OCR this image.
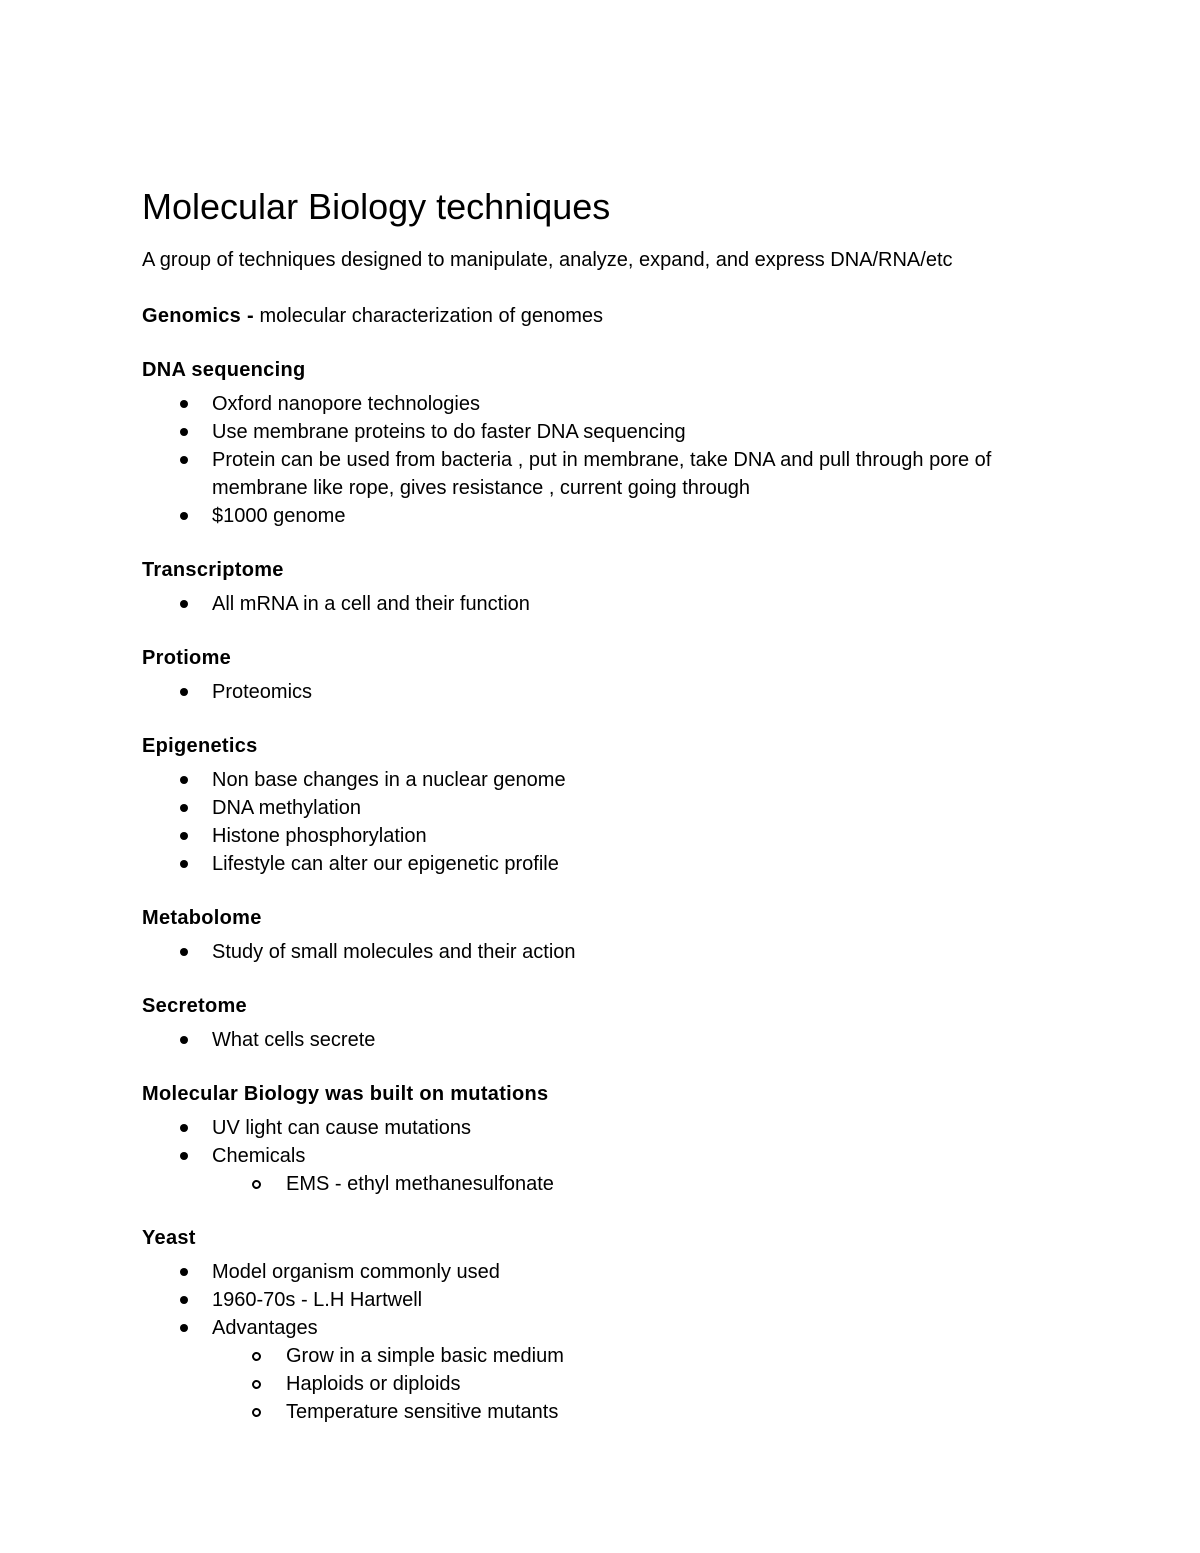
Molecular Biology techniques

A group of techniques designed to manipulate, analyze, expand, and express DNA/RNA/etc

Genomics - molecular characterization of genomes

DNA sequencing
Oxford nanopore technologies
Use membrane proteins to do faster DNA sequencing
Protein can be used from bacteria , put in membrane, take DNA and pull through pore of membrane like rope, gives resistance , current going through
$1000 genome
Transcriptome
All mRNA in a cell and their function
Protiome
Proteomics
Epigenetics
Non base changes in a nuclear genome
DNA methylation
Histone phosphorylation
Lifestyle can alter our epigenetic profile
Metabolome
Study of small molecules and their action
Secretome
What cells secrete
Molecular Biology was built on mutations
UV light can cause mutations
Chemicals
EMS - ethyl methanesulfonate
Yeast
Model organism commonly used
1960-70s - L.H Hartwell
Advantages
Grow in a simple basic medium
Haploids or diploids
Temperature sensitive mutants
